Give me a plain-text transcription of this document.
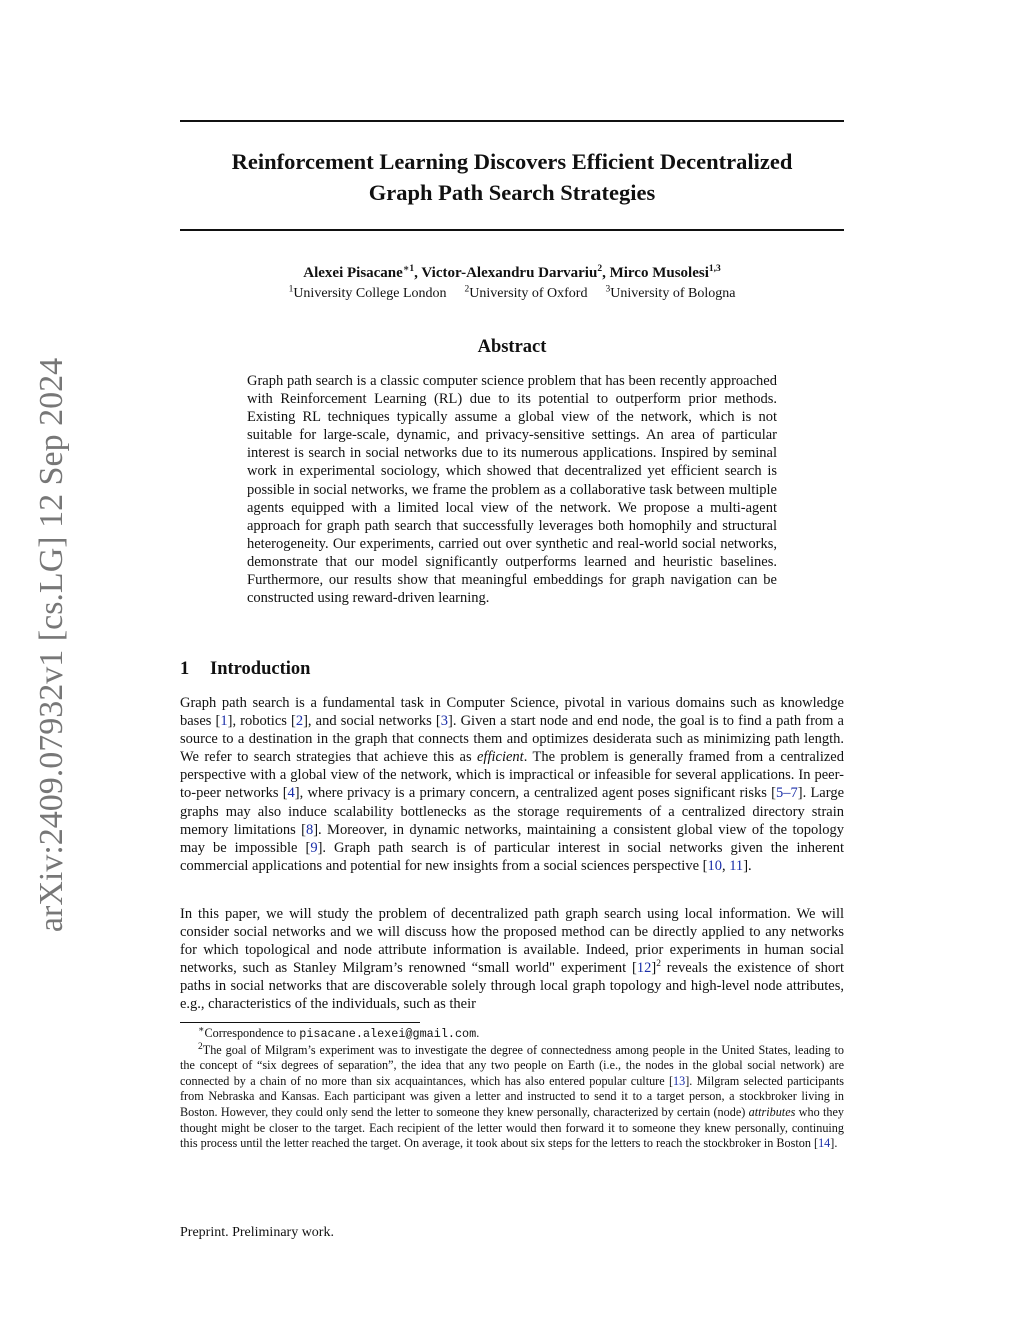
arXiv:2409.07932v1 [cs.LG] 12 Sep 2024
Reinforcement Learning Discovers Efficient Decentralized
Graph Path Search Strategies
Alexei Pisacane$^{∗1}$, Victor-Alexandru Darvariu$^2$, Mirco Musolesi$^{1,3}$
$^1$University College London $^2$University of Oxford $^3$University of Bologna
Abstract
Graph path search is a classic computer science problem that has been recently approached with Reinforcement Learning (RL) due to its potential to outperform prior methods. Existing RL techniques typically assume a global view of the network, which is not suitable for large-scale, dynamic, and privacy-sensitive settings. An area of particular interest is search in social networks due to its numerous applications. Inspired by seminal work in experimental sociology, which showed that decentralized yet efficient search is possible in social networks, we frame the problem as a collaborative task between multiple agents equipped with a limited local view of the network. We propose a multi-agent approach for graph path search that successfully leverages both homophily and structural heterogeneity. Our experiments, carried out over synthetic and real-world social networks, demonstrate that our model significantly outperforms learned and heuristic baselines. Furthermore, our results show that meaningful embeddings for graph navigation can be constructed using reward-driven learning.
1 Introduction
Graph path search is a fundamental task in Computer Science, pivotal in various domains such as knowledge bases [1], robotics [2], and social networks [3]. Given a start node and end node, the goal is to find a path from a source to a destination in the graph that connects them and optimizes desiderata such as minimizing path length. We refer to search strategies that achieve this as efficient. The problem is generally framed from a centralized perspective with a global view of the network, which is impractical or infeasible for several applications. In peer-to-peer networks [4], where privacy is a primary concern, a centralized agent poses significant risks [5–7]. Large graphs may also induce scalability bottlenecks as the storage requirements of a centralized directory strain memory limitations [8]. Moreover, in dynamic networks, maintaining a consistent global view of the topology may be impossible [9]. Graph path search is of particular interest in social networks given the inherent commercial applications and potential for new insights from a social sciences perspective [10, 11].
In this paper, we will study the problem of decentralized path graph search using local information. We will consider social networks and we will discuss how the proposed method can be directly applied to any networks for which topological and node attribute information is available. Indeed, prior experiments in human social networks, such as Stanley Milgram’s renowned “small world" experiment $[12]^2$ reveals the existence of short paths in social networks that are discoverable solely through local graph topology and high-level node attributes, e.g., characteristics of the individuals, such as their

∗Correspondence to pisacane.alexei@gmail.com.

$^2$The goal of Milgram’s experiment was to investigate the degree of connectedness among people in the United States, leading to the concept of “six degrees of separation”, the idea that any two people on Earth (i.e., the nodes in the global social network) are connected by a chain of no more than six acquaintances, which has also entered popular culture [13]. Milgram selected participants from Nebraska and Kansas. Each participant was given a letter and instructed to send it to a target person, a stockbroker living in Boston. However, they could only send the letter to someone they knew personally, characterized by certain (node) attributes who they thought might be closer to the target. Each recipient of the letter would then forward it to someone they knew personally, continuing this process until the letter reached the target. On average, it took about six steps for the letters to reach the stockbroker in Boston [14].

Preprint. Preliminary work.
